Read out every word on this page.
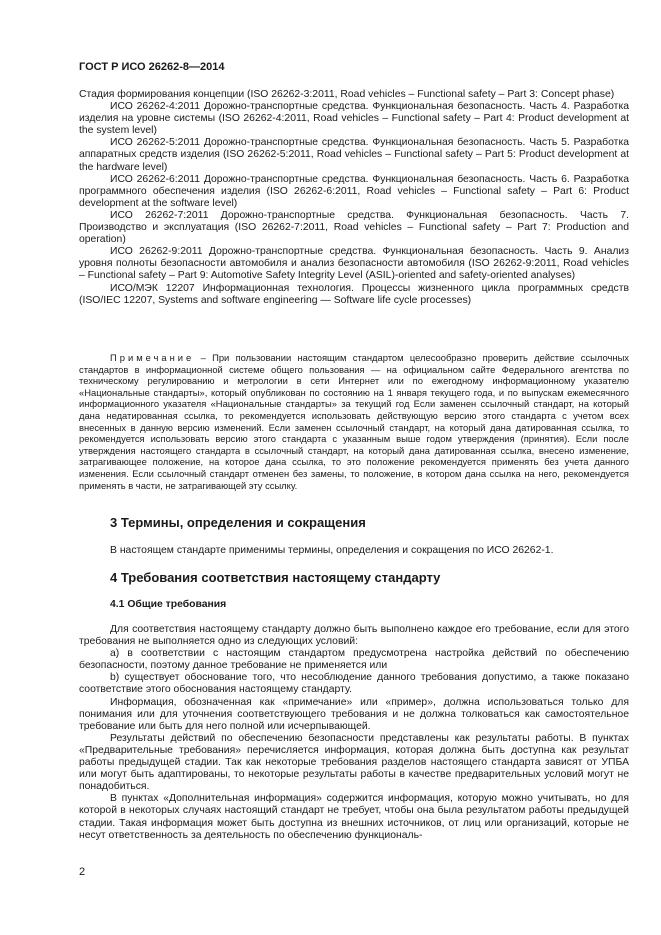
ГОСТ Р ИСО 26262-8—2014

Стадия формирования концепции (ISO 26262-3:2011, Road vehicles – Functional safety – Part 3: Concept phase)

ИСО 26262-4:2011 Дорожно-транспортные средства. Функциональная безопасность. Часть 4. Разработка изделия на уровне системы (ISO 26262-4:2011, Road vehicles – Functional safety – Part 4: Product development at the system level)

ИСО 26262-5:2011 Дорожно-транспортные средства. Функциональная безопасность. Часть 5. Разработка аппаратных средств изделия (ISO 26262-5:2011, Road vehicles – Functional safety – Part 5: Product development at the hardware level)

ИСО 26262-6:2011 Дорожно-транспортные средства. Функциональная безопасность. Часть 6. Разработка программного обеспечения изделия (ISO 26262-6:2011, Road vehicles – Functional safety – Part 6: Product development at the software level)

ИСО 26262-7:2011 Дорожно-транспортные средства. Функциональная безопасность. Часть 7. Производство и эксплуатация (ISO 26262-7:2011, Road vehicles – Functional safety – Part 7: Production and operation)

ИСО 26262-9:2011 Дорожно-транспортные средства. Функциональная безопасность. Часть 9. Анализ уровня полноты безопасности автомобиля и анализ безопасности автомобиля (ISO 26262-9:2011, Road vehicles – Functional safety – Part 9: Automotive Safety Integrity Level (ASIL)-oriented and safety-oriented analyses)

ИСО/МЭК 12207 Информационная технология. Процессы жизненного цикла программных средств (ISO/IEC 12207, Systems and software engineering — Software life cycle processes)

Примечание – При пользовании настоящим стандартом целесообразно проверить действие ссылочных стандартов в информационной системе общего пользования — на официальном сайте Федерального агентства по техническому регулированию и метрологии в сети Интернет или по ежегодному информационному указателю «Национальные стандарты», который опубликован по состоянию на 1 января текущего года, и по выпускам ежемесячного информационного указателя «Национальные стандарты» за текущий год Если заменен ссылочный стандарт, на который дана недатированная ссылка, то рекомендуется использовать действующую версию этого стандарта с учетом всех внесенных в данную версию изменений. Если заменен ссылочный стандарт, на который дана датированная ссылка, то рекомендуется использовать версию этого стандарта с указанным выше годом утверждения (принятия). Если после утверждения настоящего стандарта в ссылочный стандарт, на который дана датированная ссылка, внесено изменение, затрагивающее положение, на которое дана ссылка, то это положение рекомендуется применять без учета данного изменения. Если ссылочный стандарт отменен без замены, то положение, в котором дана ссылка на него, рекомендуется применять в части, не затрагивающей эту ссылку.

3 Термины, определения и сокращения

В настоящем стандарте применимы термины, определения и сокращения по ИСО 26262-1.

4 Требования соответствия настоящему стандарту
4.1 Общие требования

Для соответствия настоящему стандарту должно быть выполнено каждое его требование, если для этого требования не выполняется одно из следующих условий:

a) в соответствии с настоящим стандартом предусмотрена настройка действий по обеспечению безопасности, поэтому данное требование не применяется или

b) существует обоснование того, что несоблюдение данного требования допустимо, а также показано соответствие этого обоснования настоящему стандарту.

Информация, обозначенная как «примечание» или «пример», должна использоваться только для понимания или для уточнения соответствующего требования и не должна толковаться как самостоятельное требование или быть для него полной или исчерпывающей.

Результаты действий по обеспечению безопасности представлены как результаты работы. В пунктах «Предварительные требования» перечисляется информация, которая должна быть доступна как результат работы предыдущей стадии. Так как некоторые требования разделов настоящего стандарта зависят от УПБА или могут быть адаптированы, то некоторые результаты работы в качестве предварительных условий могут не понадобиться.

В пунктах «Дополнительная информация» содержится информация, которую можно учитывать, но для которой в некоторых случаях настоящий стандарт не требует, чтобы она была результатом работы предыдущей стадии. Такая информация может быть доступна из внешних источников, от лиц или организаций, которые не несут ответственность за деятельность по обеспечению функциональ-

2
